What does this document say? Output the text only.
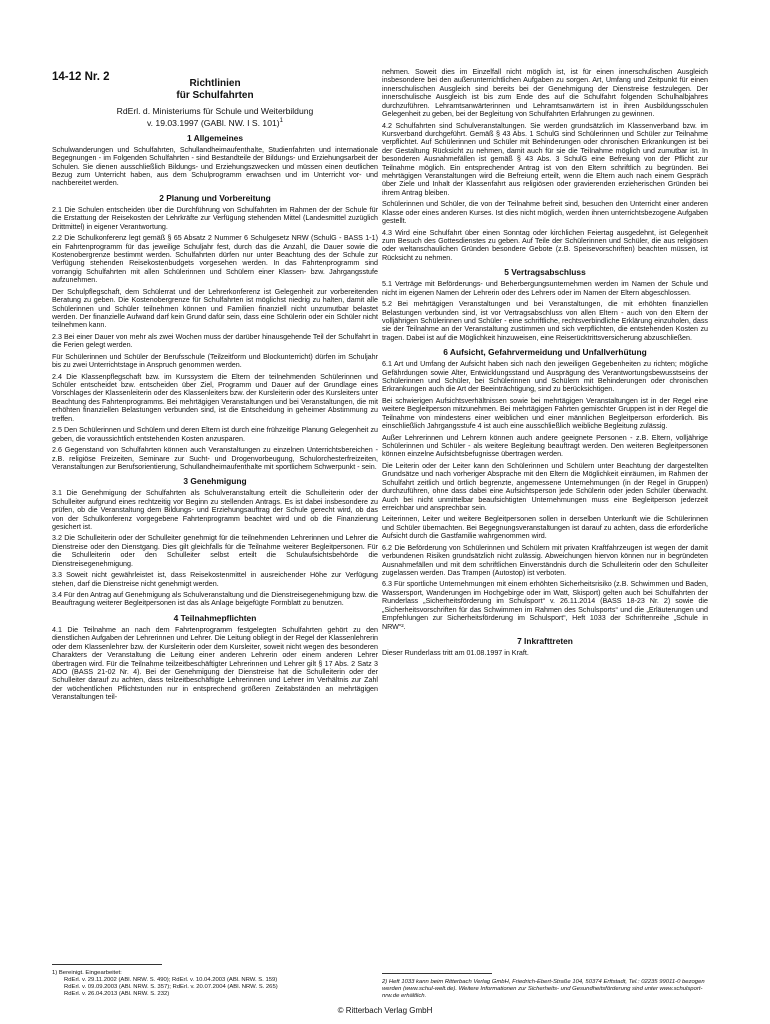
14-12 Nr. 2
Richtlinien
für Schulfahrten
RdErl. d. Ministeriums für Schule und Weiterbildung
v. 19.03.1997 (GABl. NW. I S. 101)$^1$
1 Allgemeines

Schulwanderungen und Schulfahrten, Schullandheimaufenthalte, Studienfahrten und internationale Begegnungen - im Folgenden Schulfahrten - sind Bestandteile der Bildungs- und Erziehungsarbeit der Schulen. Sie dienen ausschließlich Bildungs- und Erziehungszwecken und müssen einen deutlichen Bezug zum Unterricht haben, aus dem Schulprogramm erwachsen und im Unterricht vor- und nachbereitet werden.

2 Planung und Vorbereitung

2.1 Die Schulen entscheiden über die Durchführung von Schulfahrten im Rahmen der der Schule für die Erstattung der Reisekosten der Lehrkräfte zur Verfügung stehenden Mittel (Landesmittel zuzüglich Drittmittel) in eigener Verantwortung.

2.2 Die Schulkonferenz legt gemäß § 65 Absatz 2 Nummer 6 Schulgesetz NRW (SchulG - BASS 1-1) ein Fahrtenprogramm für das jeweilige Schuljahr fest, durch das die Anzahl, die Dauer sowie die Kostenobergrenze bestimmt werden. Schulfahrten dürfen nur unter Beachtung des der Schule zur Verfügung stehenden Reisekostenbudgets vorgesehen werden. In das Fahrtenprogramm sind vorrangig Schulfahrten mit allen Schülerinnen und Schülern einer Klassen- bzw. Jahrgangsstufe aufzunehmen.

Der Schulpflegschaft, dem Schülerrat und der Lehrerkonferenz ist Gelegenheit zur vorbereitenden Beratung zu geben. Die Kostenobergrenze für Schulfahrten ist möglichst niedrig zu halten, damit alle Schülerinnen und Schüler teilnehmen können und Familien finanziell nicht unzumutbar belastet werden. Der finanzielle Aufwand darf kein Grund dafür sein, dass eine Schülerin oder ein Schüler nicht teilnehmen kann.

2.3 Bei einer Dauer von mehr als zwei Wochen muss der darüber hinausgehende Teil der Schulfahrt in die Ferien gelegt werden.

Für Schülerinnen und Schüler der Berufsschule (Teilzeitform und Blockunterricht) dürfen im Schuljahr bis zu zwei Unterrichtstage in Anspruch genommen werden.

2.4 Die Klassenpflegschaft bzw. im Kurssystem die Eltern der teilnehmenden Schülerinnen und Schüler entscheidet bzw. entscheiden über Ziel, Programm und Dauer auf der Grundlage eines Vorschlages der Klassenleiterin oder des Klassenleiters bzw. der Kursleiterin oder des Kursleiters unter Beachtung des Fahrtenprogramms. Bei mehrtägigen Veranstaltungen und bei Veranstaltungen, die mit erhöhten finanziellen Belastungen verbunden sind, ist die Entscheidung in geheimer Abstimmung zu treffen.

2.5 Den Schülerinnen und Schülern und deren Eltern ist durch eine frühzeitige Planung Gelegenheit zu geben, die voraussichtlich entstehenden Kosten anzusparen.

2.6 Gegenstand von Schulfahrten können auch Veranstaltungen zu einzelnen Unterrichtsbereichen - z.B. religiöse Freizeiten, Seminare zur Sucht- und Drogenvorbeugung, Schulorchesterfreizeiten, Veranstaltungen zur Berufsorientierung, Schullandheimaufenthalte mit sportlichem Schwerpunkt - sein.

3 Genehmigung

3.1 Die Genehmigung der Schulfahrten als Schulveranstaltung erteilt die Schulleiterin oder der Schulleiter aufgrund eines rechtzeitig vor Beginn zu stellenden Antrags. Es ist dabei insbesondere zu prüfen, ob die Veranstaltung dem Bildungs- und Erziehungsauftrag der Schule gerecht wird, ob das von der Schulkonferenz vorgegebene Fahrtenprogramm beachtet wird und ob die Finanzierung gesichert ist.

3.2 Die Schulleiterin oder der Schulleiter genehmigt für die teilnehmenden Lehrerinnen und Lehrer die Dienstreise oder den Dienstgang. Dies gilt gleichfalls für die Teilnahme weiterer Begleitpersonen. Für die Schulleiterin oder den Schulleiter selbst erteilt die Schulaufsichtsbehörde die Dienstreisegenehmigung.

3.3 Soweit nicht gewährleistet ist, dass Reisekostenmittel in ausreichender Höhe zur Verfügung stehen, darf die Dienstreise nicht genehmigt werden.

3.4 Für den Antrag auf Genehmigung als Schulveranstaltung und die Dienstreisegenehmigung bzw. die Beauftragung weiterer Begleitpersonen ist das als Anlage beigefügte Formblatt zu benutzen.

4 Teilnahmepflichten

4.1 Die Teilnahme an nach dem Fahrtenprogramm festgelegten Schulfahrten gehört zu den dienstlichen Aufgaben der Lehrerinnen und Lehrer. Die Leitung obliegt in der Regel der Klassenlehrerin oder dem Klassenlehrer bzw. der Kursleiterin oder dem Kursleiter, soweit nicht wegen des besonderen Charakters der Veranstaltung die Leitung einer anderen Lehrerin oder einem anderen Lehrer übertragen wird. Für die Teilnahme teilzeitbeschäftigter Lehrerinnen und Lehrer gilt § 17 Abs. 2 Satz 3 ADO (BASS 21-02 Nr. 4). Bei der Genehmigung der Dienstreise hat die Schulleiterin oder der Schulleiter darauf zu achten, dass teilzeitbeschäftigte Lehrerinnen und Lehrer im Verhältnis zur Zahl der wöchentlichen Pflichtstunden nur in entsprechend größeren Zeitabständen an mehrtägigen Veranstaltungen teil-

nehmen. Soweit dies im Einzelfall nicht möglich ist, ist für einen innerschulischen Ausgleich insbesondere bei den außerunterrichtlichen Aufgaben zu sorgen. Art, Umfang und Zeitpunkt für einen innerschulischen Ausgleich sind bereits bei der Genehmigung der Dienstreise festzulegen. Der innerschulische Ausgleich ist bis zum Ende des auf die Schulfahrt folgenden Schulhalbjahres durchzuführen. Lehramtsanwärterinnen und Lehramtsanwärtern ist in ihren Ausbildungsschulen Gelegenheit zu geben, bei der Begleitung von Schulfahrten Erfahrungen zu gewinnen.

4.2 Schulfahrten sind Schulveranstaltungen. Sie werden grundsätzlich im Klassenverband bzw. im Kursverband durchgeführt. Gemäß § 43 Abs. 1 SchulG sind Schülerinnen und Schüler zur Teilnahme verpflichtet. Auf Schülerinnen und Schüler mit Behinderungen oder chronischen Erkrankungen ist bei der Gestaltung Rücksicht zu nehmen, damit auch für sie die Teilnahme möglich und zumutbar ist. In besonderen Ausnahmefällen ist gemäß § 43 Abs. 3 SchulG eine Befreiung von der Pflicht zur Teilnahme möglich. Ein entsprechender Antrag ist von den Eltern schriftlich zu begründen. Bei mehrtägigen Veranstaltungen wird die Befreiung erteilt, wenn die Eltern auch nach einem Gespräch über Ziele und Inhalt der Klassenfahrt aus religiösen oder gravierenden erzieherischen Gründen bei ihrem Antrag bleiben.

Schülerinnen und Schüler, die von der Teilnahme befreit sind, besuchen den Unterricht einer anderen Klasse oder eines anderen Kurses. Ist dies nicht möglich, werden ihnen unterrichtsbezogene Aufgaben gestellt.

4.3 Wird eine Schulfahrt über einen Sonntag oder kirchlichen Feiertag ausgedehnt, ist Gelegenheit zum Besuch des Gottesdienstes zu geben. Auf Teile der Schülerinnen und Schüler, die aus religiösen oder weltanschaulichen Gründen besondere Gebote (z.B. Speisevorschriften) beachten müssen, ist Rücksicht zu nehmen.

5 Vertragsabschluss

5.1 Verträge mit Beförderungs- und Beherbergungsunternehmen werden im Namen der Schule und nicht im eigenen Namen der Lehrerin oder des Lehrers oder im Namen der Eltern abgeschlossen.

5.2 Bei mehrtägigen Veranstaltungen und bei Veranstaltungen, die mit erhöhten finanziellen Belastungen verbunden sind, ist vor Vertragsabschluss von allen Eltern - auch von den Eltern der volljährigen Schülerinnen und Schüler - eine schriftliche, rechtsverbindliche Erklärung einzuholen, dass sie der Teilnahme an der Veranstaltung zustimmen und sich verpflichten, die entstehenden Kosten zu tragen. Dabei ist auf die Möglichkeit hinzuweisen, eine Reiserücktrittsversicherung abzuschließen.

6 Aufsicht, Gefahrvermeidung und Unfallverhütung

6.1 Art und Umfang der Aufsicht haben sich nach den jeweiligen Gegebenheiten zu richten; mögliche Gefährdungen sowie Alter, Entwicklungsstand und Ausprägung des Verantwortungsbewusstseins der Schülerinnen und Schüler, bei Schülerinnen und Schülern mit Behinderungen oder chronischen Erkrankungen auch die Art der Beeinträchtigung, sind zu berücksichtigen.

Bei schwierigen Aufsichtsverhältnissen sowie bei mehrtägigen Veranstaltungen ist in der Regel eine weitere Begleitperson mitzunehmen. Bei mehrtägigen Fahrten gemischter Gruppen ist in der Regel die Teilnahme von mindestens einer weiblichen und einer männlichen Begleitperson erforderlich. Bis einschließlich Jahrgangsstufe 4 ist auch eine ausschließlich weibliche Begleitung zulässig.

Außer Lehrerinnen und Lehrern können auch andere geeignete Personen - z.B. Eltern, volljährige Schülerinnen und Schüler - als weitere Begleitung beauftragt werden. Den weiteren Begleitpersonen können einzelne Aufsichtsbefugnisse übertragen werden.

Die Leiterin oder der Leiter kann den Schülerinnen und Schülern unter Beachtung der dargestellten Grundsätze und nach vorheriger Absprache mit den Eltern die Möglichkeit einräumen, im Rahmen der Schulfahrt zeitlich und örtlich begrenzte, angemessene Unternehmungen (in der Regel in Gruppen) durchzuführen, ohne dass dabei eine Aufsichtsperson jede Schülerin oder jeden Schüler überwacht. Auch bei nicht unmittelbar beaufsichtigten Unternehmungen muss eine Begleitperson jederzeit erreichbar und ansprechbar sein.

Leiterinnen, Leiter und weitere Begleitpersonen sollen in derselben Unterkunft wie die Schülerinnen und Schüler übernachten. Bei Begegnungsveranstaltungen ist darauf zu achten, dass die erforderliche Aufsicht durch die Gastfamilie wahrgenommen wird.

6.2 Die Beförderung von Schülerinnen und Schülern mit privaten Kraftfahrzeugen ist wegen der damit verbundenen Risiken grundsätzlich nicht zulässig. Abweichungen hiervon können nur in begründeten Ausnahmefällen und mit dem schriftlichen Einverständnis durch die Schulleiterin oder den Schulleiter zugelassen werden. Das Trampen (Autostop) ist verboten.

6.3 Für sportliche Unternehmungen mit einem erhöhten Sicherheitsrisiko (z.B. Schwimmen und Baden, Wassersport, Wanderungen im Hochgebirge oder im Watt, Skisport) gelten auch bei Schulfahrten der Runderlass „Sicherheitsförderung im Schulsport“ v. 26.11.2014 (BASS 18-23 Nr. 2) sowie die „Sicherheitsvorschriften für das Schwimmen im Rahmen des Schulsports“ und die „Erläuterungen und Empfehlungen zur Sicherheitsförderung im Schulsport“, Heft 1033 der Schriftenreihe „Schule in NRW“².

7 Inkrafttreten

Dieser Runderlass tritt am 01.08.1997 in Kraft.

1) Bereinigt. Eingearbeitet:
RdErl. v. 29.11.2002 (ABl. NRW. S. 490); RdErl. v. 10.04.2003 (ABl. NRW. S. 159)
RdErl. v. 09.09.2003 (ABl. NRW. S. 357); RdErl. v. 20.07.2004 (ABl. NRW. S. 265)
RdErl. v. 26.04.2013 (ABl. NRW. S. 232)
2) Heft 1033 kann beim Ritterbach Verlag GmbH, Friedrich-Ebert-Straße 104, 50374 Erftstadt, Tel.: 02235 99011-0 bezogen werden (www.schul-welt.de). Weitere Informationen zur Sicherheits- und Gesundheitsförderung sind unter www.schulsport-nrw.de erhältlich.
© Ritterbach Verlag GmbH
